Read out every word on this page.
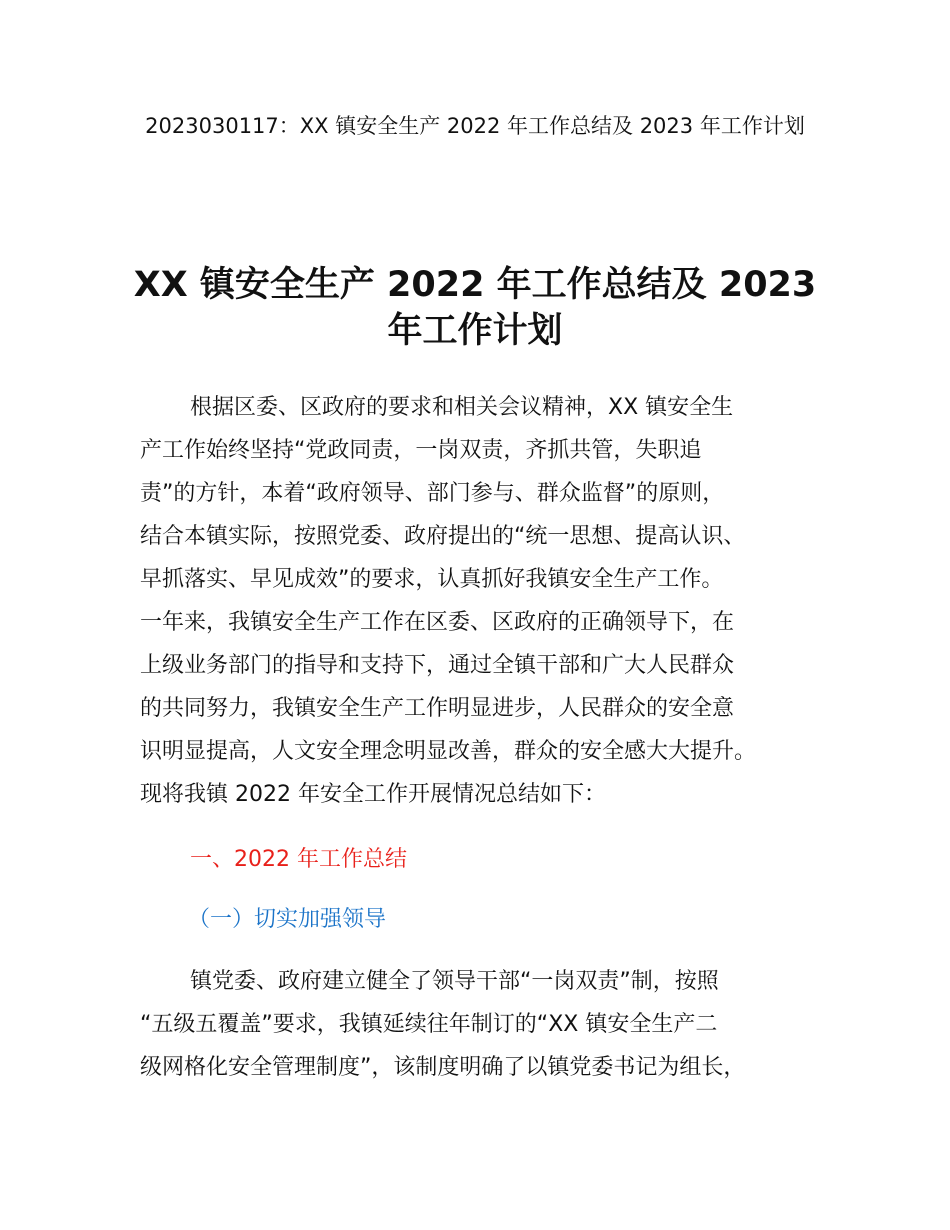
2023030117：XX 镇安全生产 2022 年工作总结及 2023 年工作计划
XX 镇安全生产 2022 年工作总结及 2023
年工作计划
根据区委、区政府的要求和相关会议精神，XX 镇安全生
产工作始终坚持“党政同责，一岗双责，齐抓共管，失职追
责”的方针，本着“政府领导、部门参与、群众监督”的原则，
结合本镇实际，按照党委、政府提出的“统一思想、提高认识、
早抓落实、早见成效”的要求，认真抓好我镇安全生产工作。
一年来，我镇安全生产工作在区委、区政府的正确领导下，在
上级业务部门的指导和支持下，通过全镇干部和广大人民群众
的共同努力，我镇安全生产工作明显进步，人民群众的安全意
识明显提高，人文安全理念明显改善，群众的安全感大大提升。
现将我镇 2022 年安全工作开展情况总结如下：
一、2022 年工作总结
（一）切实加强领导
镇党委、政府建立健全了领导干部“一岗双责”制，按照
“五级五覆盖”要求，我镇延续往年制订的“XX 镇安全生产二
级网格化安全管理制度”，该制度明确了以镇党委书记为组长，
